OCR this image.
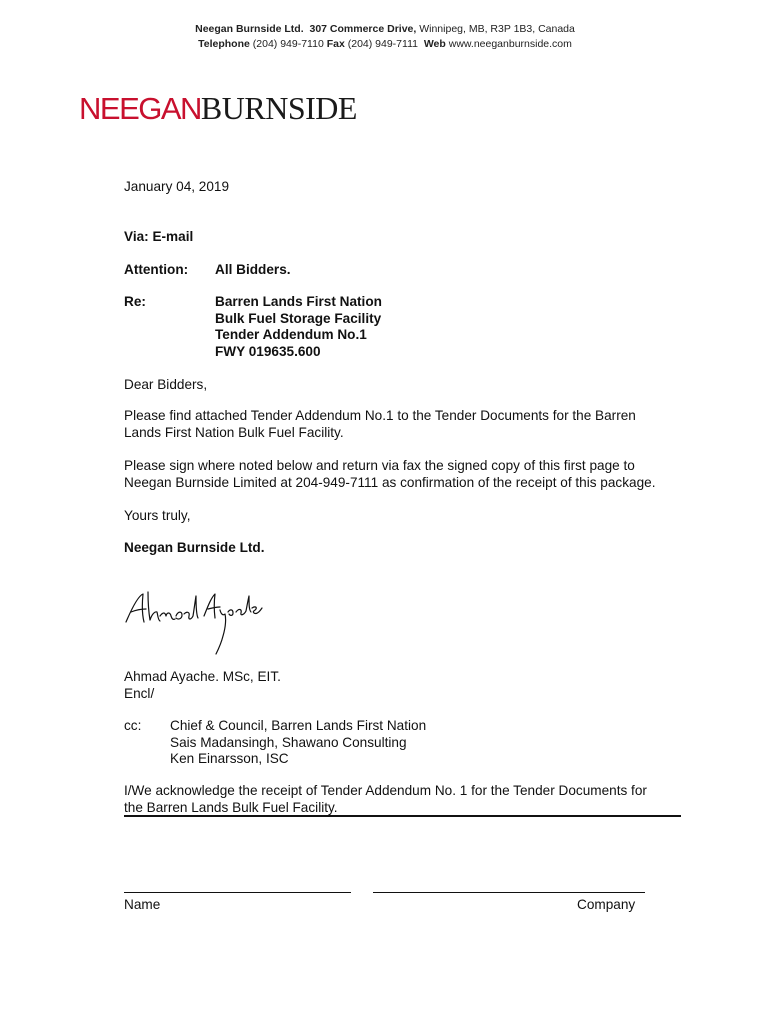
Neegan Burnside Ltd. 307 Commerce Drive, Winnipeg, MB, R3P 1B3, Canada
Telephone (204) 949-7110 Fax (204) 949-7111 Web www.neeganburnside.com
NEEGANBURNSIDE
January 04, 2019
Via: E-mail
Attention: All Bidders.
Re:	Barren Lands First Nation
Bulk Fuel Storage Facility
Tender Addendum No.1
FWY 019635.600
Dear Bidders,
Please find attached Tender Addendum No.1 to the Tender Documents for the Barren
Lands First Nation Bulk Fuel Facility.
Please sign where noted below and return via fax the signed copy of this first page to
Neegan Burnside Limited at 204-949-7111 as confirmation of the receipt of this package.
Yours truly,
Neegan Burnside Ltd.
Ahmad Ayache. MSc, EIT.
Encl/
cc: Chief & Council, Barren Lands First Nation
Sais Madansingh, Shawano Consulting
Ken Einarsson, ISC
I/We acknowledge the receipt of Tender Addendum No. 1 for the Tender Documents for
the Barren Lands Bulk Fuel Facility.
Name	Company
